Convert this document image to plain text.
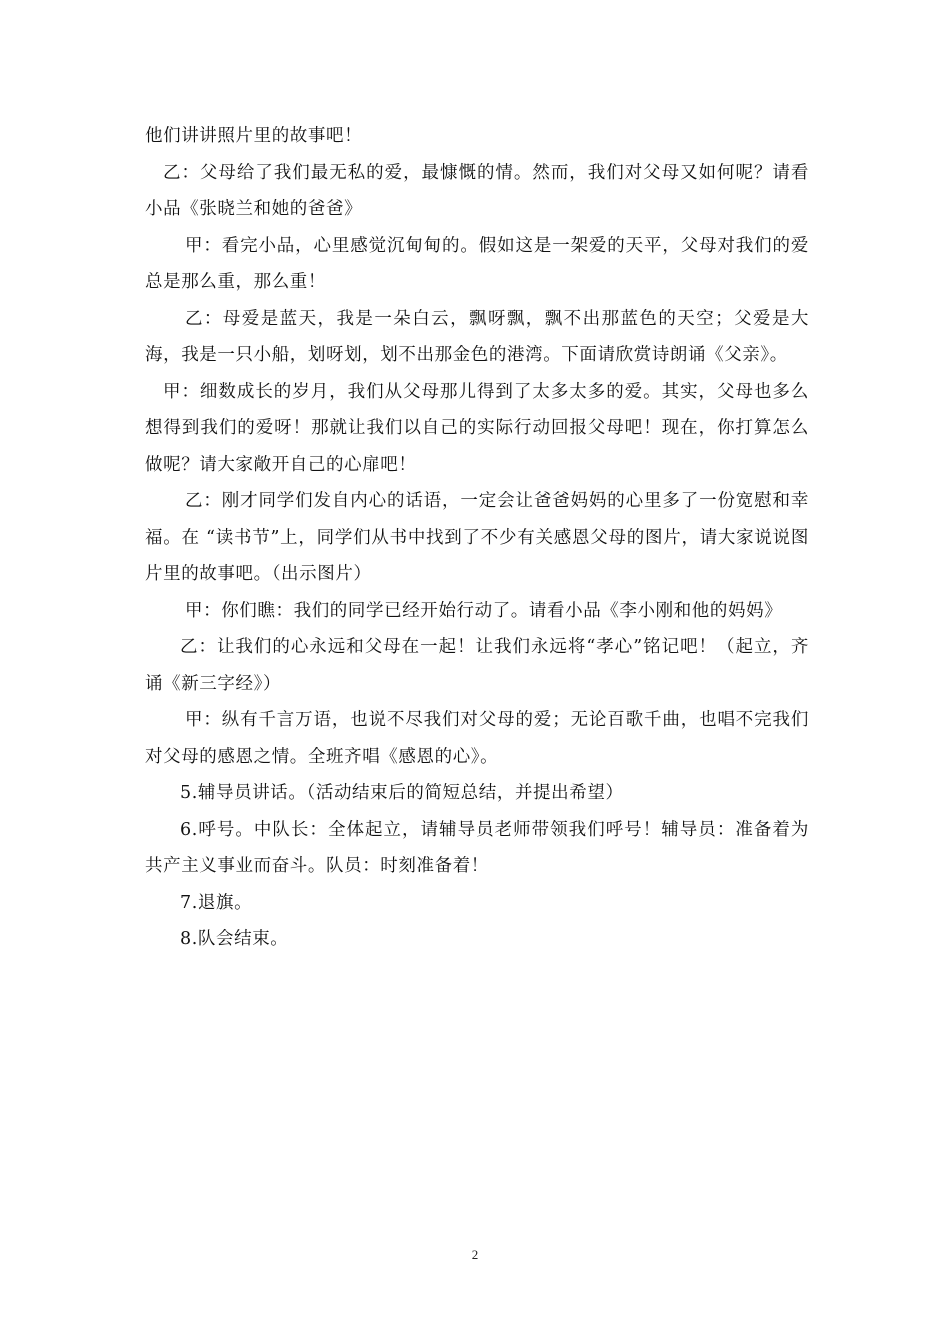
他们讲讲照片里的故事吧！

乙：父母给了我们最无私的爱，最慷慨的情。然而，我们对父母又如何呢？请看小品《张晓兰和她的爸爸》

甲：看完小品，心里感觉沉甸甸的。假如这是一架爱的天平，父母对我们的爱总是那么重，那么重！

乙：母爱是蓝天，我是一朵白云，飘呀飘，飘不出那蓝色的天空；父爱是大海，我是一只小船，划呀划，划不出那金色的港湾。下面请欣赏诗朗诵《父亲》。

甲：细数成长的岁月，我们从父母那儿得到了太多太多的爱。其实，父母也多么想得到我们的爱呀！那就让我们以自己的实际行动回报父母吧！现在，你打算怎么做呢？请大家敞开自己的心扉吧！

乙：刚才同学们发自内心的话语，一定会让爸爸妈妈的心里多了一份宽慰和幸福。在 “读书节”上，同学们从书中找到了不少有关感恩父母的图片，请大家说说图片里的故事吧。（出示图片）

甲：你们瞧：我们的同学已经开始行动了。请看小品《李小刚和他的妈妈》

乙：让我们的心永远和父母在一起！让我们永远将“孝心”铭记吧！（起立，齐诵《新三字经》）

甲：纵有千言万语，也说不尽我们对父母的爱；无论百歌千曲，也唱不完我们对父母的感恩之情。全班齐唱《感恩的心》。

5.辅导员讲话。（活动结束后的简短总结，并提出希望）

6.呼号。中队长：全体起立，请辅导员老师带领我们呼号！辅导员：准备着为共产主义事业而奋斗。队员：时刻准备着！

7.退旗。

8.队会结束。

2
